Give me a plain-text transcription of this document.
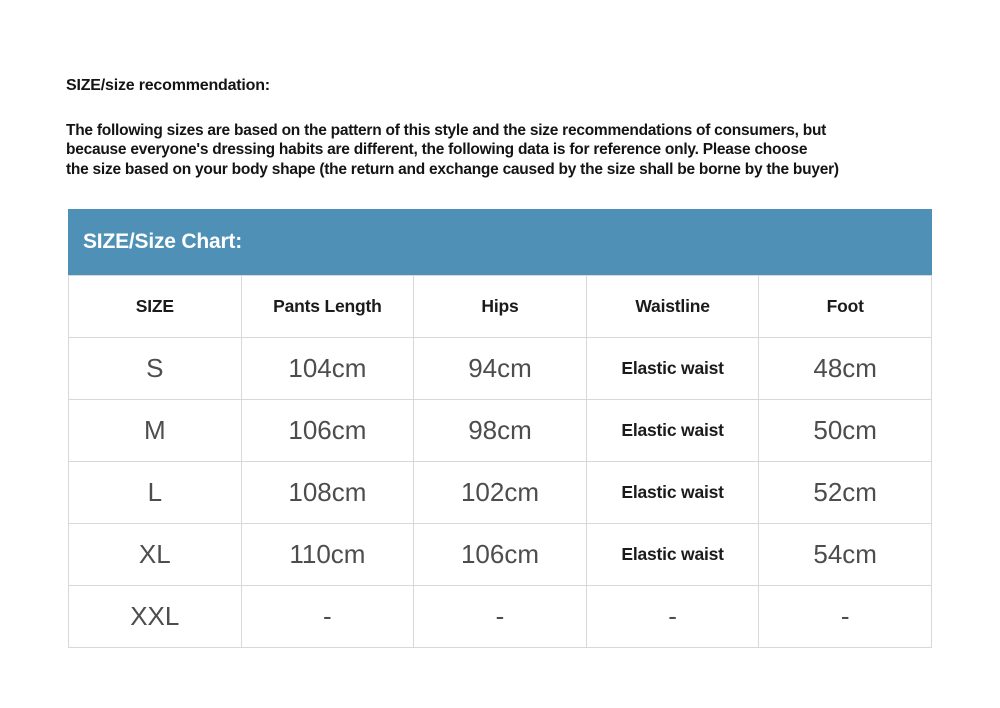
SIZE/size recommendation:
The following sizes are based on the pattern of this style and the size recommendations of consumers, but
because everyone's dressing habits are different, the following data is for reference only. Please choose
the size based on your body shape (the return and exchange caused by the size shall be borne by the buyer)
SIZE/Size Chart:
SIZE	Pants Length	Hips	Waistline	Foot
S	104cm	94cm	Elastic waist	48cm
M	106cm	98cm	Elastic waist	50cm
L	108cm	102cm	Elastic waist	52cm
XL	110cm	106cm	Elastic waist	54cm
XXL	-	-	-	-
